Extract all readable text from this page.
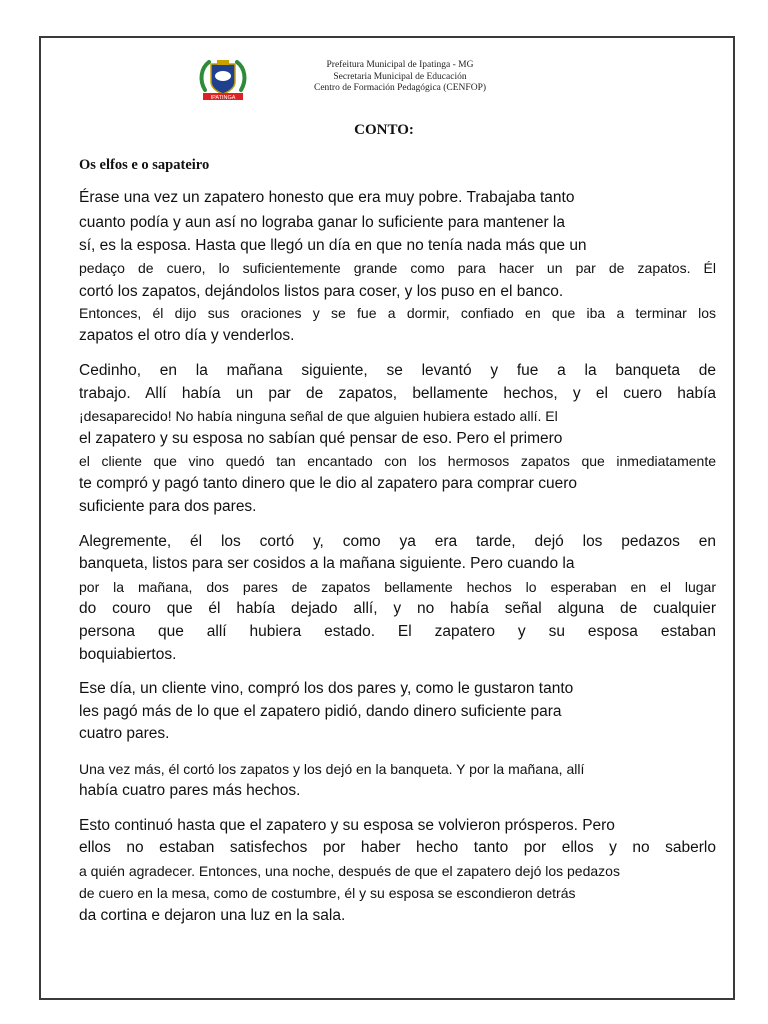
IPATINGA
Prefeitura Municipal de Ipatinga - MG
Secretaria Municipal de Educación
Centro de Formación Pedagógica (CENFOP)
CONTO:
Os elfos e o sapateiro

Érase una vez un zapatero honesto que era muy pobre. Trabajaba tanto

cuanto podía y aun así no lograba ganar lo suficiente para mantener la

sí, es la esposa. Hasta que llegó un día en que no tenía nada más que un

pedaço de cuero, lo suficientemente grande como para hacer un par de zapatos. Él

cortó los zapatos, dejándolos listos para coser, y los puso en el banco.

Entonces, él dijo sus oraciones y se fue a dormir, confiado en que iba a terminar los

zapatos el otro día y venderlos.

Cedinho, en la mañana siguiente, se levantó y fue a la banqueta de

trabajo. Allí había un par de zapatos, bellamente hechos, y el cuero había

¡desaparecido! No había ninguna señal de que alguien hubiera estado allí. El

el zapatero y su esposa no sabían qué pensar de eso. Pero el primero

el cliente que vino quedó tan encantado con los hermosos zapatos que inmediatamente

te compró y pagó tanto dinero que le dio al zapatero para comprar cuero

suficiente para dos pares.

Alegremente, él los cortó y, como ya era tarde, dejó los pedazos en

banqueta, listos para ser cosidos a la mañana siguiente. Pero cuando la

por la mañana, dos pares de zapatos bellamente hechos lo esperaban en el lugar

do couro que él había dejado allí, y no había señal alguna de cualquier

persona que allí hubiera estado. El zapatero y su esposa estaban

boquiabiertos.

Ese día, un cliente vino, compró los dos pares y, como le gustaron tanto

les pagó más de lo que el zapatero pidió, dando dinero suficiente para

cuatro pares.

Una vez más, él cortó los zapatos y los dejó en la banqueta. Y por la mañana, allí

había cuatro pares más hechos.

Esto continuó hasta que el zapatero y su esposa se volvieron prósperos. Pero

ellos no estaban satisfechos por haber hecho tanto por ellos y no saberlo

a quién agradecer. Entonces, una noche, después de que el zapatero dejó los pedazos

de cuero en la mesa, como de costumbre, él y su esposa se escondieron detrás

da cortina e dejaron una luz en la sala.
